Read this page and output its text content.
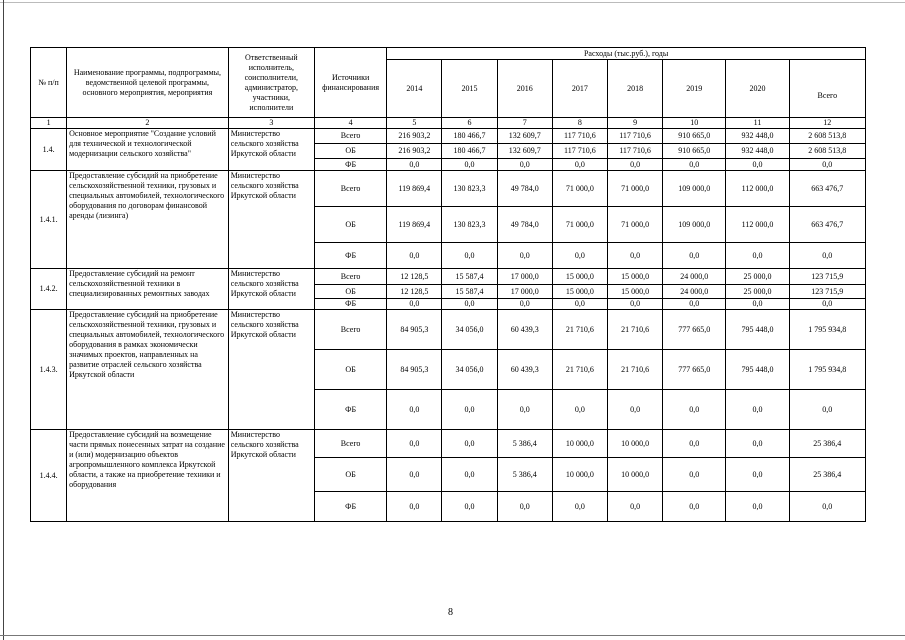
№ п/п	Наименование программы, подпрограммы, ведомственной целевой программы, основного мероприятия, мероприятия	Ответственный исполнитель, соисполнители, администратор, участники, исполнители	Источники финансирования	Расходы (тыс.руб.), годы							
				2014	2015	2016	2017	2018	2019	2020	Всего
1	2	3	4	5	6	7	8	9	10	11	12
1.4.	Основное мероприятие "Создание условий для технической и технологической модернизации сельского хозяйства"	Министерство сельского хозяйства Иркутской области	Всего	216 903,2	180 466,7	132 609,7	117 710,6	117 710,6	910 665,0	932 448,0	2 608 513,8
			ОБ	216 903,2	180 466,7	132 609,7	117 710,6	117 710,6	910 665,0	932 448,0	2 608 513,8
			ФБ	0,0	0,0	0,0	0,0	0,0	0,0	0,0	0,0
1.4.1.	Предоставление субсидий на приобретение сельскохозяйственной техники, грузовых и специальных автомобилей, технологического оборудования по договорам финансовой аренды (лизинга)	Министерство сельского хозяйства Иркутской области	Всего	119 869,4	130 823,3	49 784,0	71 000,0	71 000,0	109 000,0	112 000,0	663 476,7
			ОБ	119 869,4	130 823,3	49 784,0	71 000,0	71 000,0	109 000,0	112 000,0	663 476,7
			ФБ	0,0	0,0	0,0	0,0	0,0	0,0	0,0	0,0
1.4.2.	Предоставление субсидий на ремонт сельскохозяйственной техники в специализированных ремонтных заводах	Министерство сельского хозяйства Иркутской области	Всего	12 128,5	15 587,4	17 000,0	15 000,0	15 000,0	24 000,0	25 000,0	123 715,9
			ОБ	12 128,5	15 587,4	17 000,0	15 000,0	15 000,0	24 000,0	25 000,0	123 715,9
			ФБ	0,0	0,0	0,0	0,0	0,0	0,0	0,0	0,0
1.4.3.	Предоставление субсидий на приобретение сельскохозяйственной техники, грузовых и специальных автомобилей, технологического оборудования в рамках экономически значимых проектов, направленных на развитие отраслей сельского хозяйства Иркутской области	Министерство сельского хозяйства Иркутской области	Всего	84 905,3	34 056,0	60 439,3	21 710,6	21 710,6	777 665,0	795 448,0	1 795 934,8
			ОБ	84 905,3	34 056,0	60 439,3	21 710,6	21 710,6	777 665,0	795 448,0	1 795 934,8
			ФБ	0,0	0,0	0,0	0,0	0,0	0,0	0,0	0,0
1.4.4.	Предоставление субсидий на возмещение части прямых понесенных затрат на создание и (или) модернизацию объектов агропромышленного комплекса Иркутской области, а также на приобретение техники и оборудования	Министерство сельского хозяйства Иркутской области	Всего	0,0	0,0	5 386,4	10 000,0	10 000,0	0,0	0,0	25 386,4
			ОБ	0,0	0,0	5 386,4	10 000,0	10 000,0	0,0	0,0	25 386,4
			ФБ	0,0	0,0	0,0	0,0	0,0	0,0	0,0	0,0
8
